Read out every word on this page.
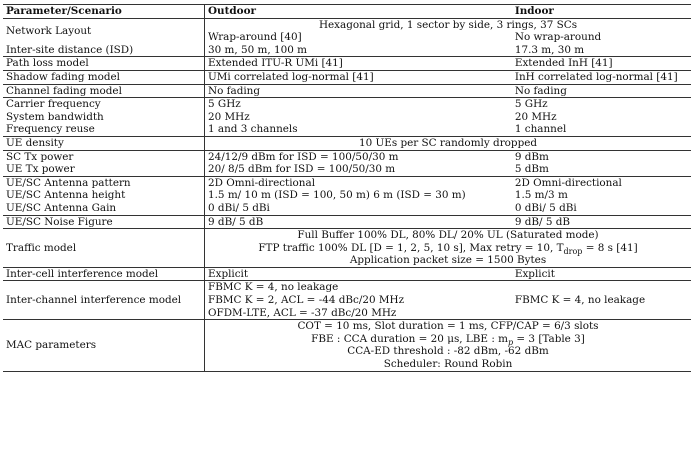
Parameter/Scenario	Outdoor	Indoor
Network Layout	Hexagonal grid, 1 sector by side, 3 rings, 37 SCs	
	Wrap-around [40]	No wrap-around
Inter-site distance (ISD)	30 m, 50 m, 100 m	17.3 m, 30 m
Path loss model	Extended ITU-R UMi [41]	Extended InH [41]
Shadow fading model	UMi correlated log-normal [41]	InH correlated log-normal [41]
Channel fading model	No fading	No fading
Carrier frequency	5 GHz	5 GHz
System bandwidth	20 MHz	20 MHz
Frequency reuse	1 and 3 channels	1 channel
UE density	10 UEs per SC randomly dropped	
SC Tx power	24/12/9 dBm for ISD = 100/50/30 m	9 dBm
UE Tx power	20/ 8/5 dBm for ISD = 100/50/30 m	5 dBm
UE/SC Antenna pattern	2D Omni-directional	2D Omni-directional
UE/SC Antenna height	1.5 m/ 10 m (ISD = 100, 50 m) 6 m (ISD = 30 m)	1.5 m/3 m
UE/SC Antenna Gain	0 dBi/ 5 dBi	0 dBi/ 5 dBi
UE/SC Noise Figure	9 dB/ 5 dB	9 dB/ 5 dB
Traffic model	Full Buffer 100% DL, 80% DL/ 20% UL (Saturated mode)
FTP traffic 100% DL [D = 1, 2, 5, 10 s], Max retry = 10, $T_{drop} = 8$ s [41]
Application packet size = 1500 Bytes	

Inter-cell interference model	Explicit	Explicit
Inter-channel interference model	FBMC K = 4, no leakage
FBMC K = 2, ACL = -44 dBc/20 MHz
OFDM-LTE, ACL = -37 dBc/20 MHz	FBMC K = 4, no leakage
MAC parameters	COT = 10 ms, Slot duration = 1 ms, CFP/CAP = 6/3 slots
FBE : CCA duration = 20 μs, LBE : $m_p = 3$ [Table 3]
CCA-ED threshold : -82 dBm, -62 dBm
Scheduler: Round Robin	
